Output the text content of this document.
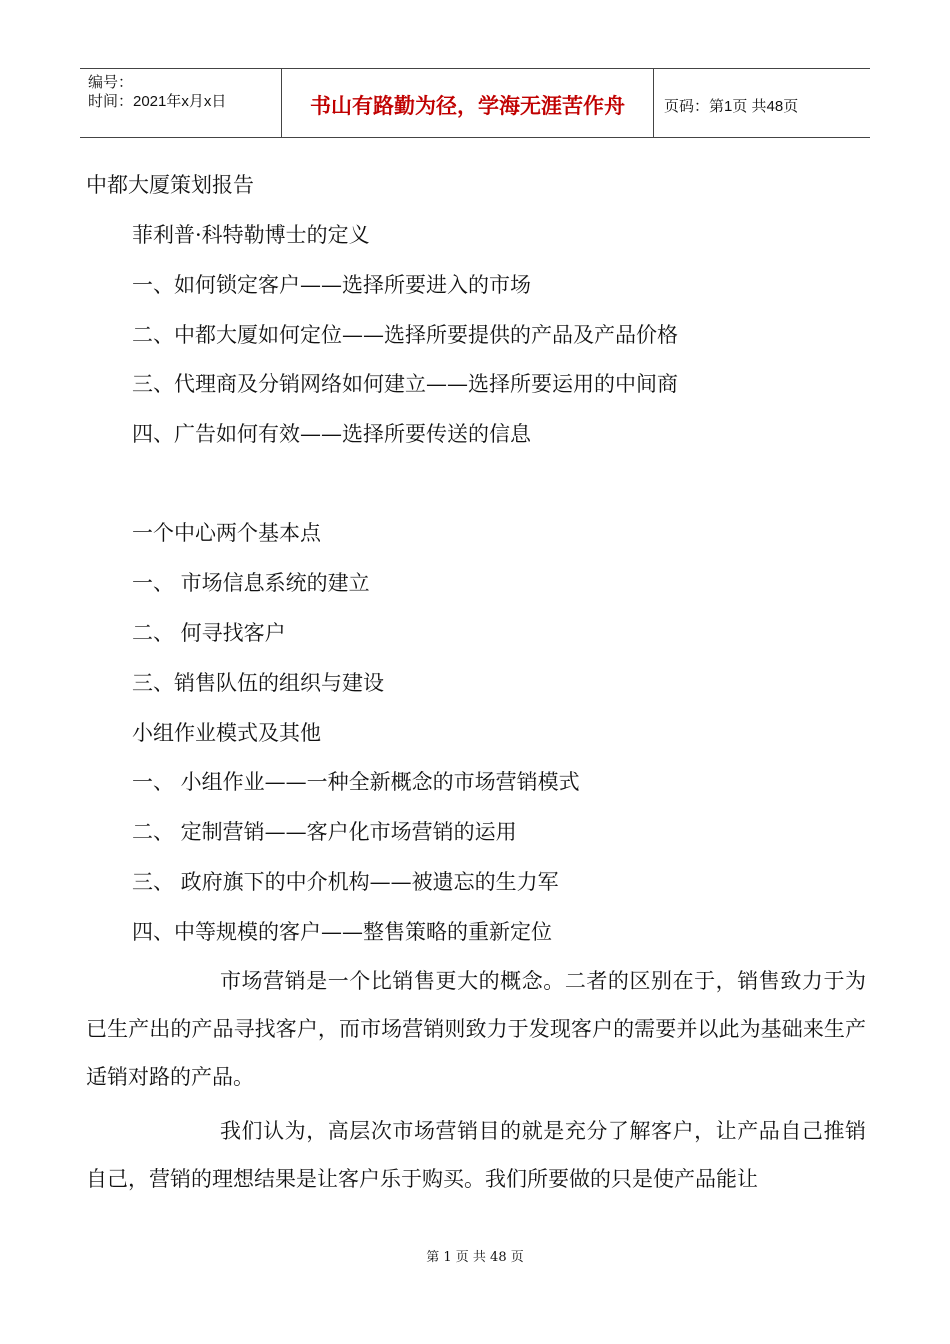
编号：
时间：2021年x月x日	书山有路勤为径，学海无涯苦作舟	页码：第1页 共48页
中都大厦策划报告
菲利普·科特勒博士的定义
一、如何锁定客户——选择所要进入的市场
二、中都大厦如何定位——选择所要提供的产品及产品价格
三、代理商及分销网络如何建立——选择所要运用的中间商
四、广告如何有效——选择所要传送的信息
一个中心两个基本点
一、 市场信息系统的建立
二、 何寻找客户
三、销售队伍的组织与建设
小组作业模式及其他
一、 小组作业——一种全新概念的市场营销模式
二、 定制营销——客户化市场营销的运用
三、 政府旗下的中介机构——被遗忘的生力军
四、中等规模的客户——整售策略的重新定位

市场营销是一个比销售更大的概念。二者的区别在于，销售致力于为已生产出的产品寻找客户，而市场营销则致力于发现客户的需要并以此为基础来生产适销对路的产品。

我们认为，高层次市场营销目的就是充分了解客户，让产品自己推销自己，营销的理想结果是让客户乐于购买。我们所要做的只是使产品能让

第 1 页 共 48 页
